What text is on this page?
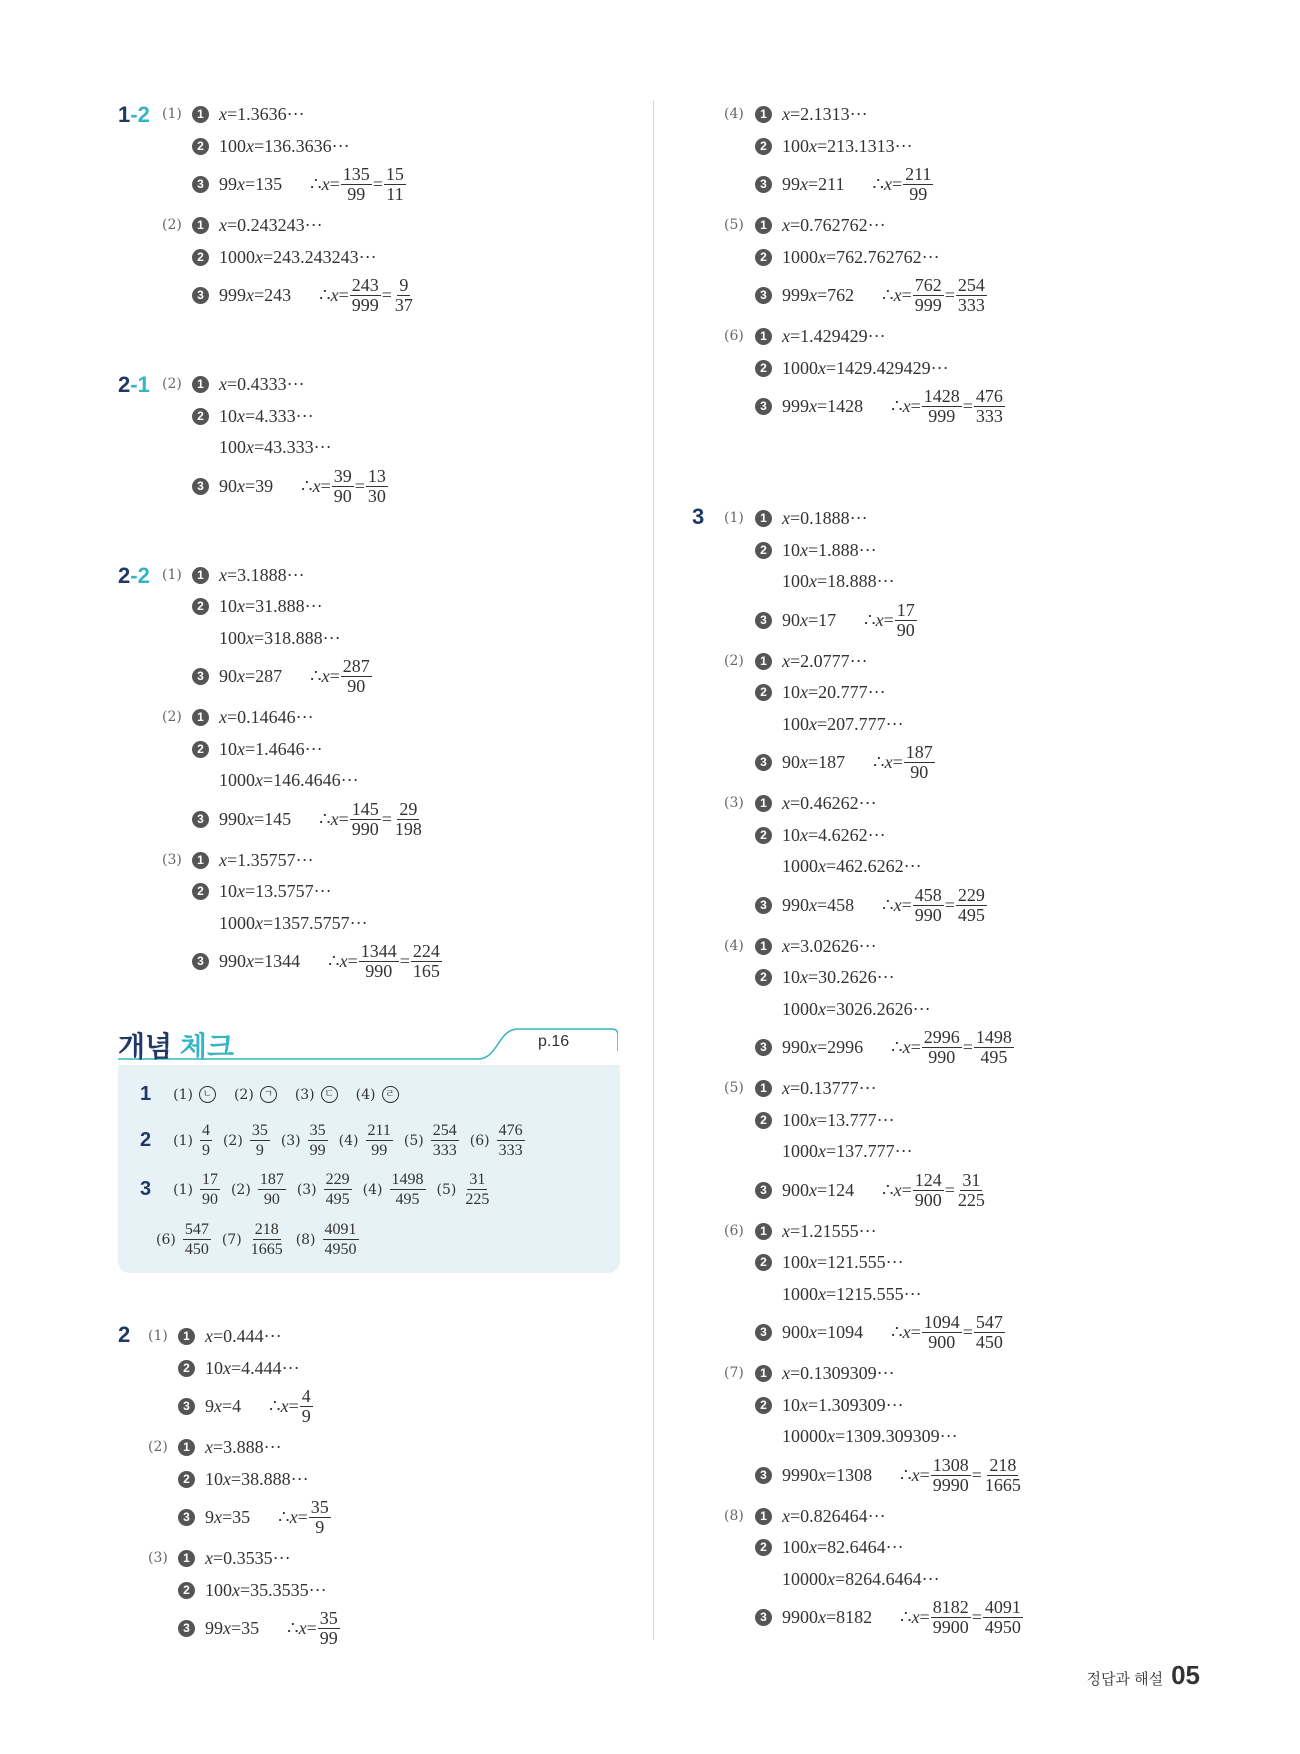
1-2 (1)	1 x=1.3636···
2 100x=136.3636···
3 99x=135 ∴ $x= \frac{135}{99} = \frac{15}{11}$
(2)	1 x=0.243243···
2 1000x=243.243243···
3 999x=243 ∴ $x= \frac{243}{999} = \frac{9}{37}$
2-1 (2)	1 x=0.4333···
2 10x=4.333···
100x=43.333···
3 90x=39 ∴ $x= \frac{39}{90} = \frac{13}{30}$
2-2 (1)	1 x=3.1888···
2 10x=31.888···
100x=318.888···
3 90x=287 ∴ $x= \frac{287}{90}$
(2)	1 x=0.14646···
2 10x=1.4646···
1000x=146.4646···
3 990x=145 ∴ $x= \frac{145}{990} = \frac{29}{198}$
(3)	1 x=1.35757···
2 10x=13.5757···
1000x=1357.5757···
3 990x=1344 ∴ $x= \frac{1344}{990} = \frac{224}{165}$
2 (1)	1 x=0.444···
2 10x=4.444···
3 9x=4 ∴ $x= \frac{4}{9}$
(2)	1 x=3.888···
2 10x=38.888···
3 9x=35 ∴ $x= \frac{35}{9}$
(3)	1 x=0.3535···
2 100x=35.3535···
3 99x=35 ∴ $x= \frac{35}{99}$
(4)	1 x=2.1313···
2 100x=213.1313···
3 99x=211 ∴ $x= \frac{211}{99}$
(5)	1 x=0.762762···
2 1000x=762.762762···
3 999x=762 ∴ $x= \frac{762}{999} = \frac{254}{333}$
(6)	1 x=1.429429···
2 1000x=1429.429429···
3 999x=1428 ∴ $x= \frac{1428}{999} = \frac{476}{333}$
3 (1)	1 x=0.1888···
2 10x=1.888···
100x=18.888···
3 90x=17 ∴ $x= \frac{17}{90}$
(2)	1 x=2.0777···
2 10x=20.777···
100x=207.777···
3 90x=187 ∴ $x= \frac{187}{90}$
(3)	1 x=0.46262···
2 10x=4.6262···
1000x=462.6262···
3 990x=458 ∴ $x= \frac{458}{990} = \frac{229}{495}$
(4)	1 x=3.02626···
2 10x=30.2626···
1000x=3026.2626···
3 990x=2996 ∴ $x= \frac{2996}{990} = \frac{1498}{495}$
(5)	1 x=0.13777···
2 100x=13.777···
1000x=137.777···
3 900x=124 ∴ $x= \frac{124}{900} = \frac{31}{225}$
(6)	1 x=1.21555···
2 100x=121.555···
1000x=1215.555···
3 900x=1094 ∴ $x= \frac{1094}{900} = \frac{547}{450}$
(7)	1 x=0.1309309···
2 10x=1.309309···
10000x=1309.309309···
3 9990x=1308 ∴ $x= \frac{1308}{9990} = \frac{218}{1665}$
(8)	1 x=0.826464···
2 100x=82.6464···
10000x=8264.6464···
3 9900x=8182 ∴ $x= \frac{8182}{9900} = \frac{4091}{4950}$
개념 체크	p.16
1 (1) ㄴ (2) ㄱ (3) ㄷ (4) ㄹ
2 $(1) \frac{4}{9} (2) \frac{35}{9} (3) \frac{35}{99} (4) \frac{211}{99} (5) \frac{254}{333} (6) \frac{476}{333}$
3 $(1) \frac{17}{90} (2) \frac{187}{90} (3) \frac{229}{495} (4) \frac{1498}{495} (5) \frac{31}{225}$
$(6) \frac{547}{450} (7) \frac{218}{1665} (8) \frac{4091}{4950}$
정답과 해설 05
